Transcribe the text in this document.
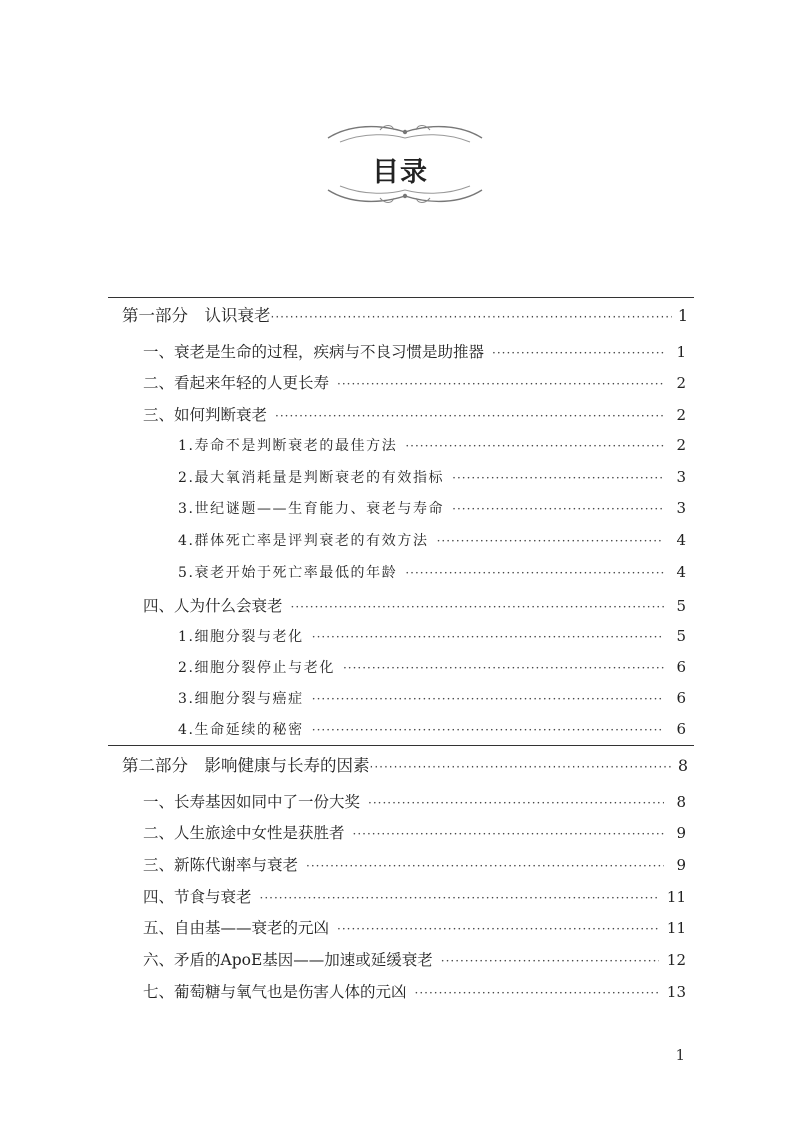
目录
第一部分　认识衰老 ·····	1
一、衰老是生命的过程，疾病与不良习惯是助推器 ·····	1
二、看起来年轻的人更长寿 ·····	2
三、如何判断衰老 ·····	2
1.寿命不是判断衰老的最佳方法 ·····	2
2.最大氧消耗量是判断衰老的有效指标 ·····	3
3.世纪谜题——生育能力、衰老与寿命 ·····	3
4.群体死亡率是评判衰老的有效方法 ·····	4
5.衰老开始于死亡率最低的年龄 ·····	4
四、人为什么会衰老 ·····	5
1.细胞分裂与老化 ·····	5
2.细胞分裂停止与老化 ·····	6
3.细胞分裂与癌症 ·····	6
4.生命延续的秘密 ·····	6
第二部分　影响健康与长寿的因素 ·····	8
一、长寿基因如同中了一份大奖 ·····	8
二、人生旅途中女性是获胜者 ·····	9
三、新陈代谢率与衰老 ·····	9
四、节食与衰老 ·····	11
五、自由基——衰老的元凶 ·····	11
六、矛盾的ApoE基因——加速或延缓衰老 ·····	12
七、葡萄糖与氧气也是伤害人体的元凶 ·····	13
1
